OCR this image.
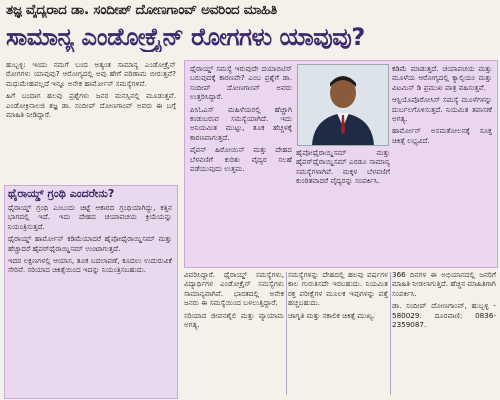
ತಜ್ಞ ವೈದ್ಯರಾದ ಡಾ. ಸಂದೀಪ್ ದೋಣಗಾಂವ್ ಅವರಿಂದ ಮಾಹಿತಿ
ಸಾಮಾನ್ಯ ಎಂಡೋಕ್ರೈನ್ ರೋಗಗಳು ಯಾವುವು?

ಹುಬ್ಬಳ್ಳಿ: ಇಂದು ನಮಗೆ ಬಂದ ಅತ್ಯಂತ ಸಾಮಾನ್ಯ ಎಂಡೋಕ್ರೈನ್ ರೋಗಗಳು ಯಾವುವು? ಆರೋಗ್ಯದಲ್ಲಿ ಅವು ಹೇಗೆ ಪರಿಣಾಮ ಬೀರುತ್ತವೆ? ಮಧುಮೇಹವಲ್ಲದೆ ಇನ್ನೂ ಅನೇಕ ಹಾರ್ಮೋನ್ ಸಮಸ್ಯೆಗಳಿವೆ.

ಹಿಗೆ ಬಂದಾಗ ಹಲವು ಪ್ರಶ್ನೆಗಳು ಜನರ ಮನಸ್ಸಿನಲ್ಲಿ ಮೂಡುತ್ತವೆ. ಎಂಡೋಕ್ರಿನಾಲಜಿ ತಜ್ಞ ಡಾ. ಸಂದೀಪ್ ದೋಣಗಾಂವ್ ಅವರು ಈ ಬಗ್ಗೆ ಮಾಹಿತಿ ನೀಡಿದ್ದಾರೆ.

ಥೈರಾಯ್ಡ್ ಗ್ರಂಥಿ ಎಂದರೇನು?

ಥೈರಾಯ್ಡ್ ಗ್ರಂಥಿ ಎಂಬುದು ಚಿಟ್ಟೆ ಆಕಾರದ ಗ್ರಂಥಿಯಾಗಿದ್ದು, ಕತ್ತಿನ ಭಾಗದಲ್ಲಿ ಇದೆ. ಇದು ದೇಹದ ಚಯಾಪಚಯ ಕ್ರಿಯೆಯನ್ನು ನಿಯಂತ್ರಿಸುತ್ತದೆ.

ಥೈರಾಯ್ಡ್ ಹಾರ್ಮೋನ್ ಕಡಿಮೆಯಾದರೆ ಹೈಪೋಥೈರಾಯ್ಡಿಸಮ್ ಮತ್ತು ಹೆಚ್ಚಾದರೆ ಹೈಪರ್‌ಥೈರಾಯ್ಡಿಸಮ್ ಉಂಟಾಗುತ್ತದೆ.

ಇದರ ಲಕ್ಷಣಗಳಲ್ಲಿ ಆಯಾಸ, ತೂಕ ಬದಲಾವಣೆ, ಕೂದಲು ಉದುರುವಿಕೆ ಸೇರಿವೆ. ಸರಿಯಾದ ಚಿಕಿತ್ಸೆಯಿಂದ ಇದನ್ನು ನಿಯಂತ್ರಿಸಬಹುದು.

ಥೈರಾಯ್ಡ್ ಸಮಸ್ಯೆ ಇರುವುದೇ ದಯಾಬಿಟಿಸ್ ಬರುವುದಕ್ಕೆ ಕಾರಣವೇ? ಎಂಬ ಪ್ರಶ್ನೆಗೆ ಡಾ. ಸಂದೀಪ್ ದೋಣಗಾಂವ್ ಅವರು ಉತ್ತರಿಸಿದ್ದಾರೆ.

ಪಿಸಿಓಎಸ್ ಮಹಿಳೆಯರಲ್ಲಿ ಹೆಚ್ಚಾಗಿ ಕಂಡುಬರುವ ಸಮಸ್ಯೆಯಾಗಿದೆ. ಇದು ಅನಿಯಮಿತ ಮುಟ್ಟು, ತೂಕ ಹೆಚ್ಚಳಕ್ಕೆ ಕಾರಣವಾಗುತ್ತದೆ.

ಪೈವನ್ ಹಿರೋಯಿನ್ ಮತ್ತು ದೇಹದ ಬೆಳವಣಿಗೆ ಕುರಿತು ವೈದ್ಯರ ಸಲಹೆ ಪಡೆಯುವುದು ಉತ್ತಮ.

ಹೈಪೋಥೈರಾಯ್ಡಿಸಮ್ ಮತ್ತು ಹೈಪರ್‌ಥೈರಾಯ್ಡಿಸಮ್ ಎರಡೂ ಸಾಮಾನ್ಯ ಸಮಸ್ಯೆಗಳಾಗಿವೆ. ಮಕ್ಕಳ ಬೆಳವಣಿಗೆ ಕುಂಠಿತವಾದರೆ ವೈದ್ಯರನ್ನು ಸಂಪರ್ಕಿಸಿ.

ಕಡಿಮೆ ಮಾಡುತ್ತದೆ. ಚಯಾಪಚಯ ಮತ್ತು ಮೂಳೆಯ ಆರೋಗ್ಯದಲ್ಲಿ ಕ್ಯಾಲ್ಸಿಯಂ ಮತ್ತು ವಿಟಮಿನ್ ಡಿ ಪ್ರಮುಖ ಪಾತ್ರ ವಹಿಸುತ್ತವೆ.

ಆಸ್ಟಿಯೊಪೊರೋಸಿಸ್ ಸಮಸ್ಯೆ ಮೂಳೆಗಳನ್ನು ದುರ್ಬಲಗೊಳಿಸುತ್ತದೆ. ನಿಯಮಿತ ತಪಾಸಣೆ ಅಗತ್ಯ.

ಹಾರ್ಮೋನ್ ಅಸಮತೋಲನಕ್ಕೆ ಸೂಕ್ತ ಚಿಕಿತ್ಸೆ ಲಭ್ಯವಿದೆ.

ವಿವರಿಸಿದ್ದಾರೆ. ಥೈರಾಯ್ಡ್ ಸಮಸ್ಯೆಗಳು, ವಿದ್ಯಾರ್ಥಿಗಳ ಎಂಡೋಕ್ರೈನ್ ಸಮಸ್ಯೆಗಳು ಸಾಮಾನ್ಯವಾಗಿವೆ. ಭಾರತದಲ್ಲಿ ಅನೇಕ ಜನರು ಈ ಸಮಸ್ಯೆಯಿಂದ ಬಳಲುತ್ತಿದ್ದಾರೆ.

ಸರಿಯಾದ ಜೀವನಶೈಲಿ ಮತ್ತು ವ್ಯಾಯಾಮ ಅಗತ್ಯ.

ಸಮಸ್ಯೆಗಳನ್ನು ದೇಹದಲ್ಲಿ ಹಲವು ವರ್ಷಗಳ ಕಾಲ ಗುರುತಿಸದೇ ಇರಬಹುದು. ನಿಯಮಿತ ರಕ್ತ ಪರೀಕ್ಷೆಗಳ ಮೂಲಕ ಇವುಗಳನ್ನು ಪತ್ತೆ ಹಚ್ಚಬಹುದು.

ಜಾಗೃತಿ ಮತ್ತು ಸಕಾಲಿಕ ಚಿಕಿತ್ಸೆ ಮುಖ್ಯ.

366 ದಿನಗಳ ಈ ಅಭಿಯಾನದಲ್ಲಿ ಜನರಿಗೆ ಮಾಹಿತಿ ನೀಡಲಾಗುತ್ತಿದೆ. ಹೆಚ್ಚಿನ ಮಾಹಿತಿಗಾಗಿ ಸಂಪರ್ಕಿಸಿ.

ಡಾ. ಸಂದೀಪ್ ದೋಣಗಾಂವ್, ಹುಬ್ಬಳ್ಳಿ - 580029. ದೂರವಾಣಿ: 0836-2359087.
